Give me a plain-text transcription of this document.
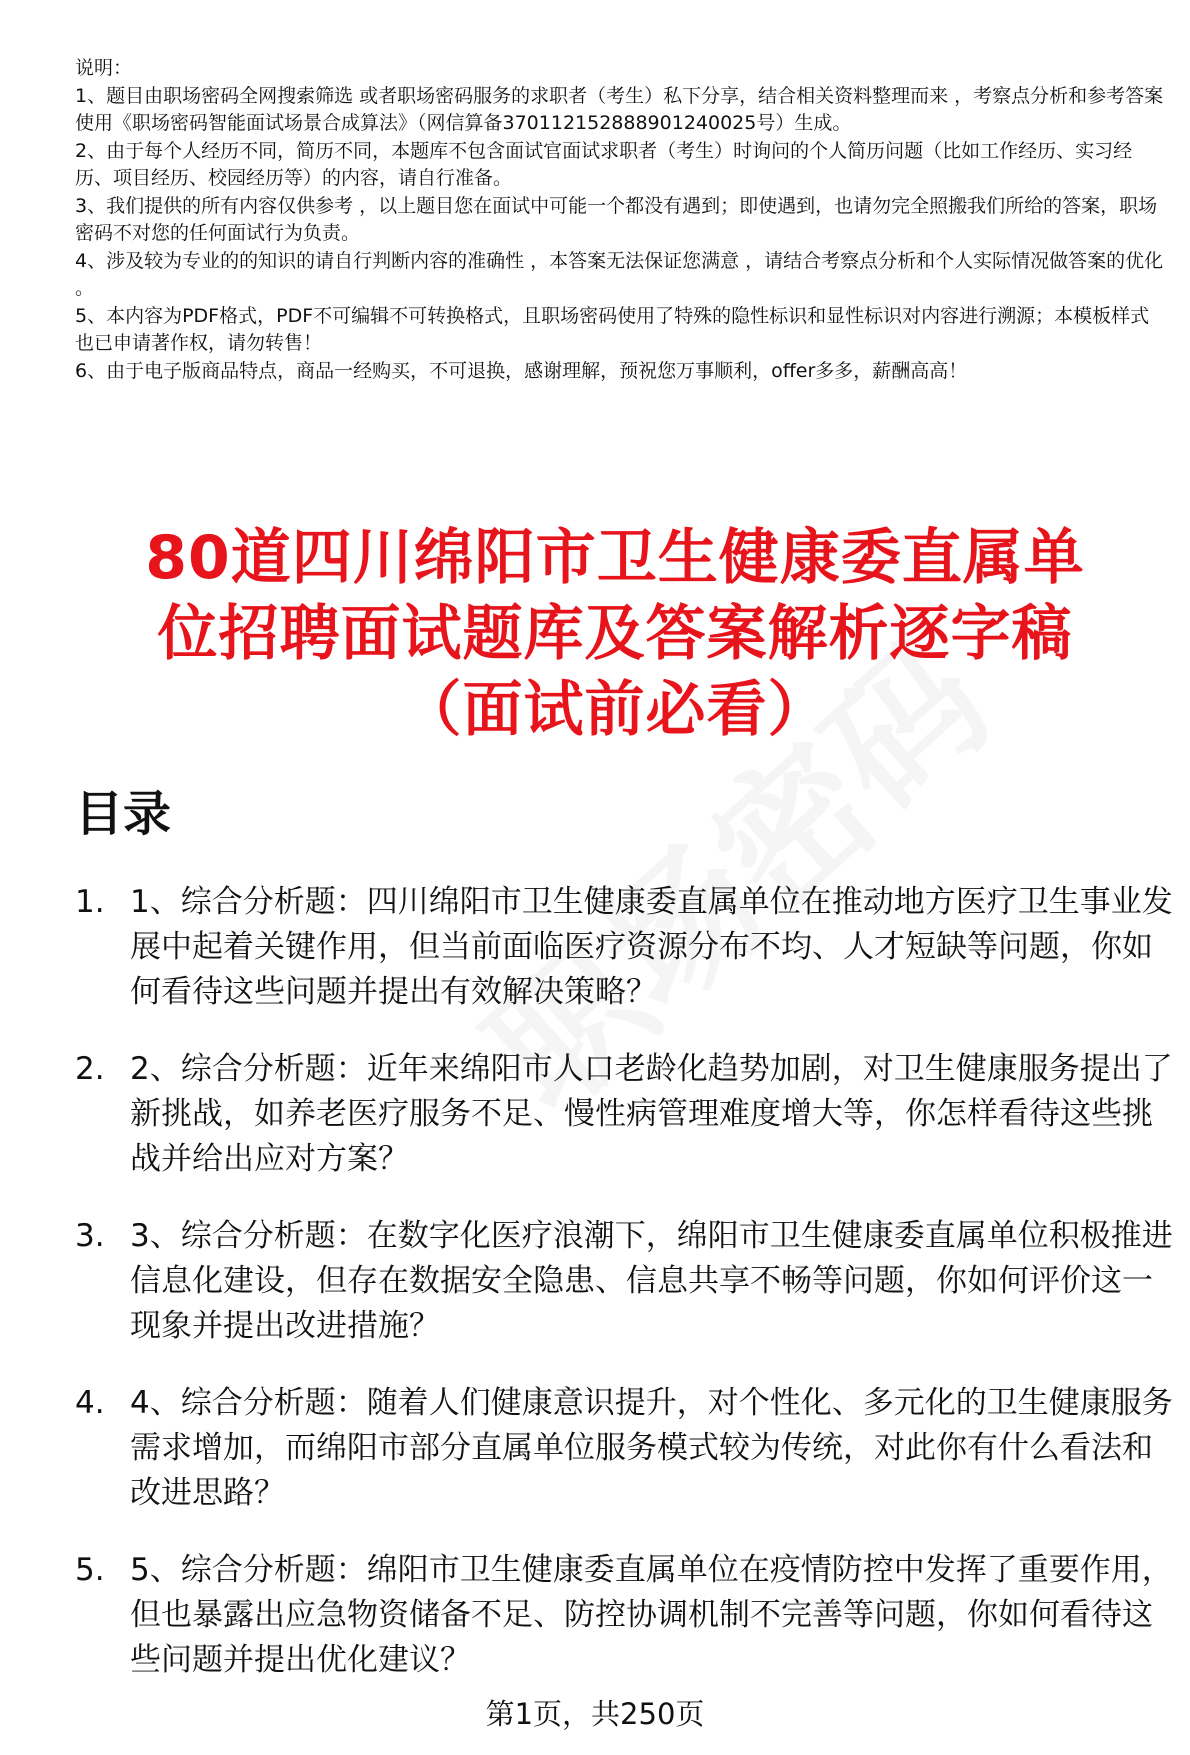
说明：

1、题目由职场密码全网搜索筛选 或者职场密码服务的求职者（考生）私下分享，结合相关资料整理而来 ，考察点分析和参考答案使用《职场密码智能面试场景合成算法》（网信算备370112152888901240025号）生成。

2、由于每个人经历不同，简历不同，本题库不包含面试官面试求职者（考生）时询问的个人简历问题（比如工作经历、实习经历、项目经历、校园经历等）的内容，请自行准备。

3、我们提供的所有内容仅供参考 ，以上题目您在面试中可能一个都没有遇到；即使遇到，也请勿完全照搬我们所给的答案，职场密码不对您的任何面试行为负责。

4、涉及较为专业的的知识的请自行判断内容的准确性 ，本答案无法保证您满意 ，请结合考察点分析和个人实际情况做答案的优化 。

5、本内容为PDF格式，PDF不可编辑不可转换格式，且职场密码使用了特殊的隐性标识和显性标识对内容进行溯源；本模板样式也已申请著作权，请勿转售！

6、由于电子版商品特点，商品一经购买，不可退换，感谢理解，预祝您万事顺利，offer多多，薪酬高高！

80道四川绵阳市卫生健康委直属单
位招聘面试题库及答案解析逐字稿
（面试前必看）
目录
1. 1、综合分析题：四川绵阳市卫生健康委直属单位在推动地方医疗卫生事业发展中起着关键作用，但当前面临医疗资源分布不均、人才短缺等问题，你如何看待这些问题并提出有效解决策略？
2. 2、综合分析题：近年来绵阳市人口老龄化趋势加剧，对卫生健康服务提出了新挑战，如养老医疗服务不足、慢性病管理难度增大等，你怎样看待这些挑战并给出应对方案？
3. 3、综合分析题：在数字化医疗浪潮下，绵阳市卫生健康委直属单位积极推进信息化建设，但存在数据安全隐患、信息共享不畅等问题，你如何评价这一现象并提出改进措施？
4. 4、综合分析题：随着人们健康意识提升，对个性化、多元化的卫生健康服务需求增加，而绵阳市部分直属单位服务模式较为传统，对此你有什么看法和改进思路？
5. 5、综合分析题：绵阳市卫生健康委直属单位在疫情防控中发挥了重要作用，但也暴露出应急物资储备不足、防控协调机制不完善等问题，你如何看待这些问题并提出优化建议？
第1页，共250页
